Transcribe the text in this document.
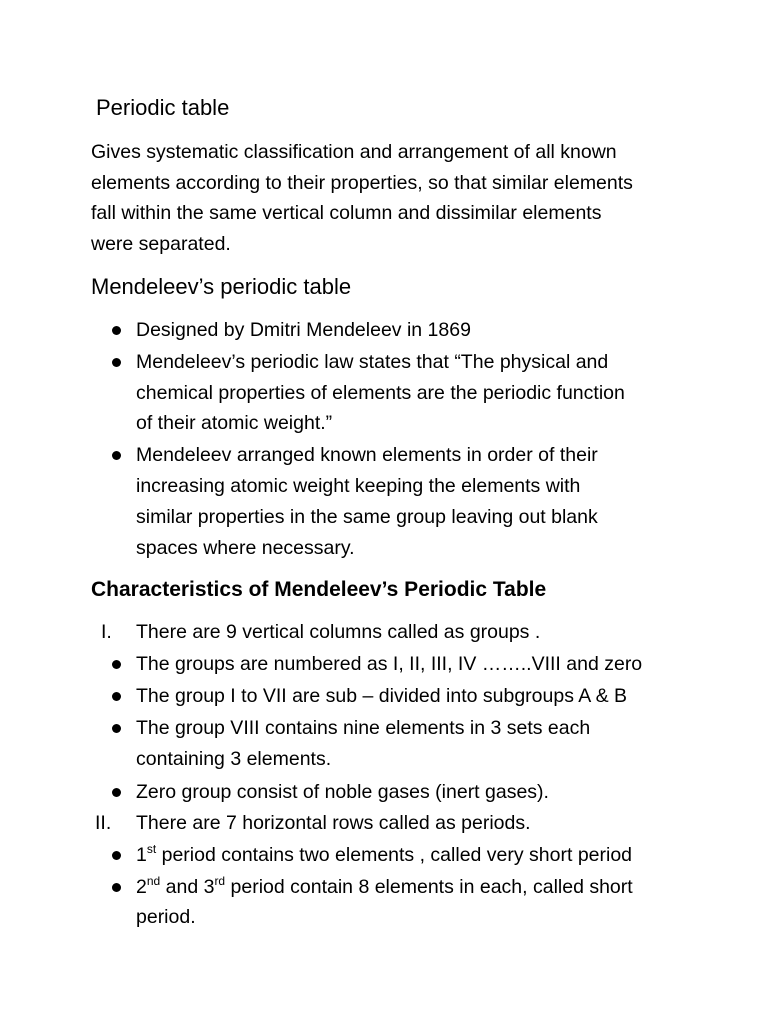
Periodic table
Gives systematic classification and arrangement of all known
elements according to their properties, so that similar elements
fall within the same vertical column and dissimilar elements
were separated.
Mendeleev’s periodic table
Designed by Dmitri Mendeleev in 1869
Mendeleev’s periodic law states that “The physical and
chemical properties of elements are the periodic function
of their atomic weight.”
Mendeleev arranged known elements in order of their
increasing atomic weight keeping the elements with
similar properties in the same group leaving out blank
spaces where necessary.
Characteristics of Mendeleev’s Periodic Table
I. There are 9 vertical columns called as groups .
The groups are numbered as I, II, III, IV ……..VIII and zero
The group I to VII are sub – divided into subgroups A & B
The group VIII contains nine elements in 3 sets each
containing 3 elements.
Zero group consist of noble gases (inert gases).
II. There are 7 horizontal rows called as periods.
1st period contains two elements , called very short period
2nd and 3rd period contain 8 elements in each, called short
period.
